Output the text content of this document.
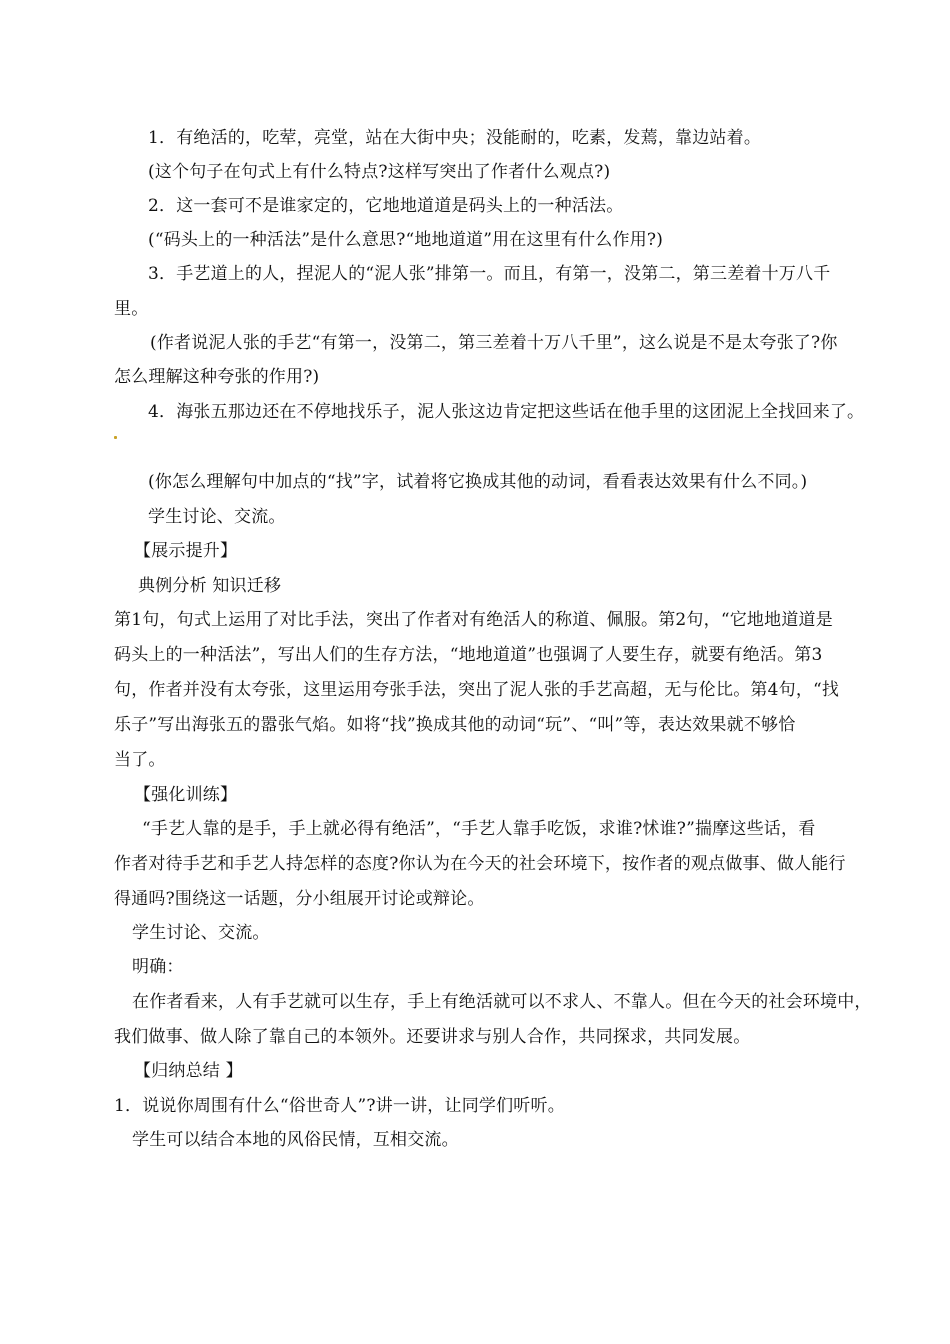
1．有绝活的，吃荤，亮堂，站在大街中央；没能耐的，吃素，发蔫，靠边站着。
(这个句子在句式上有什么特点?这样写突出了作者什么观点?)
2．这一套可不是谁家定的，它地地道道是码头上的一种活法。
(“码头上的一种活法”是什么意思?“地地道道”用在这里有什么作用?)
3．手艺道上的人，捏泥人的“泥人张”排第一。而且，有第一，没第二，第三差着十万八千
里。
(作者说泥人张的手艺“有第一，没第二，第三差着十万八千里”，这么说是不是太夸张了?你
怎么理解这种夸张的作用?)
4．海张五那边还在不停地找乐子，泥人张这边肯定把这些话在他手里的这团泥上全找回来了。
(你怎么理解句中加点的“找”字，试着将它换成其他的动词，看看表达效果有什么不同。)
学生讨论、交流。
【展示提升】
典例分析 知识迁移
第1句，句式上运用了对比手法，突出了作者对有绝活人的称道、佩服。第2句，“它地地道道是
码头上的一种活法”，写出人们的生存方法，“地地道道”也强调了人要生存，就要有绝活。第3
句，作者并没有太夸张，这里运用夸张手法，突出了泥人张的手艺高超，无与伦比。第4句，“找
乐子”写出海张五的嚣张气焰。如将“找”换成其他的动词“玩”、“叫”等，表达效果就不够恰
当了。
【强化训练】
“手艺人靠的是手，手上就必得有绝活”，“手艺人靠手吃饭，求谁?怵谁?”揣摩这些话，看
作者对待手艺和手艺人持怎样的态度?你认为在今天的社会环境下，按作者的观点做事、做人能行
得通吗?围绕这一话题，分小组展开讨论或辩论。
学生讨论、交流。
明确：
在作者看来，人有手艺就可以生存，手上有绝活就可以不求人、不靠人。但在今天的社会环境中，
我们做事、做人除了靠自己的本领外。还要讲求与别人合作，共同探求，共同发展。
【归纳总结 】
1．说说你周围有什么“俗世奇人”?讲一讲，让同学们听听。
学生可以结合本地的风俗民情，互相交流。
